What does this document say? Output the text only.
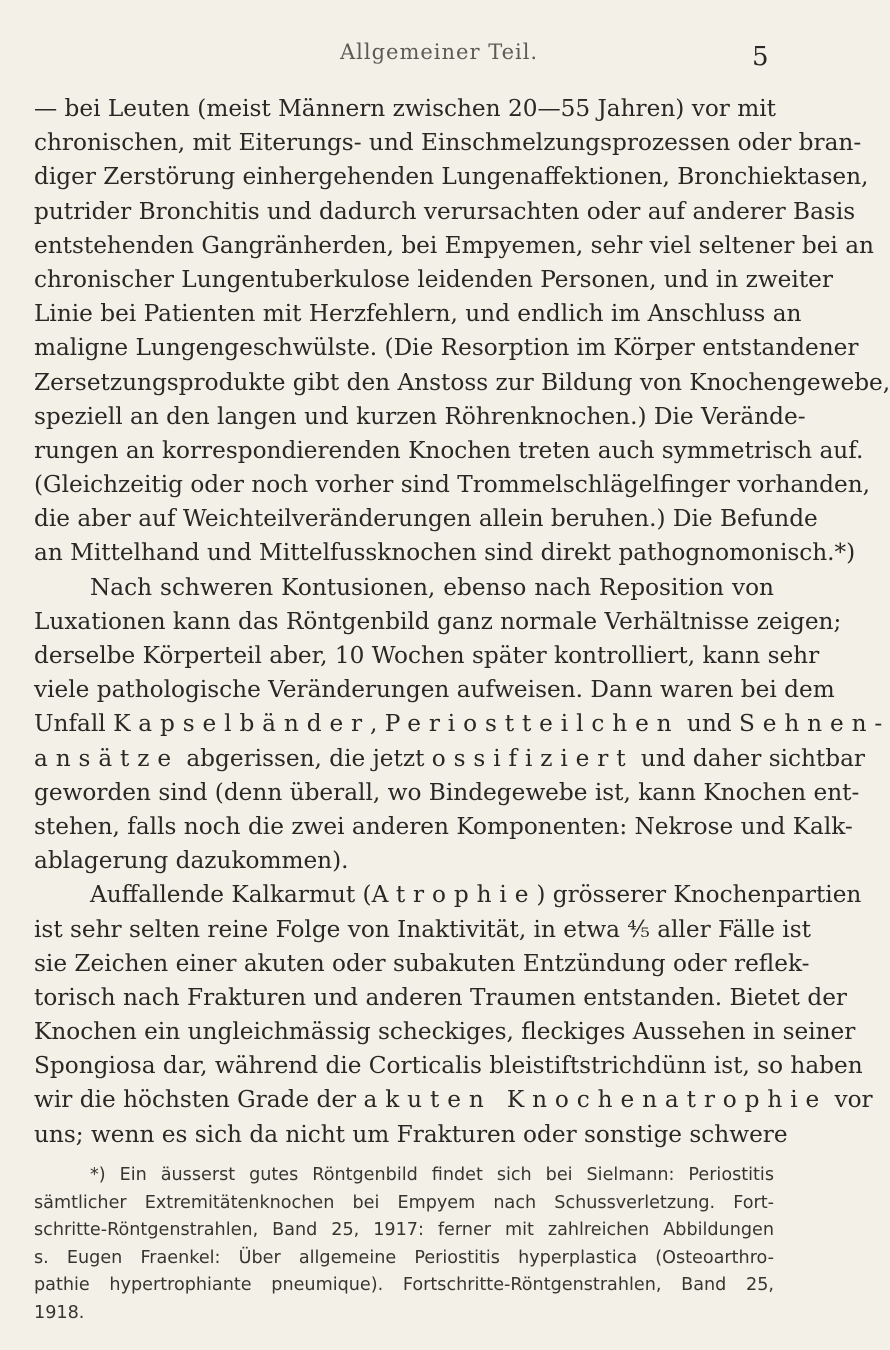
Allgemeiner Teil.	5
— bei Leuten (meist Männern zwischen 20—55 Jahren) vor mit
chronischen, mit Eiterungs- und Einschmelzungsprozessen oder bran-
diger Zerstörung einhergehenden Lungenaffektionen, Bronchiektasen,
putrider Bronchitis und dadurch verursachten oder auf anderer Basis
entstehenden Gangränherden, bei Empyemen, sehr viel seltener bei an
chronischer Lungentuberkulose leidenden Personen, und in zweiter
Linie bei Patienten mit Herzfehlern, und endlich im Anschluss an
maligne Lungengeschwülste. (Die Resorption im Körper entstandener
Zersetzungsprodukte gibt den Anstoss zur Bildung von Knochengewebe,
speziell an den langen und kurzen Röhrenknochen.) Die Verände-
rungen an korrespondierenden Knochen treten auch symmetrisch auf.
(Gleichzeitig oder noch vorher sind Trommelschlägelfinger vorhanden,
die aber auf Weichteilveränderungen allein beruhen.) Die Befunde
an Mittelhand und Mittelfussknochen sind direkt pathognomonisch.*)
Nach schweren Kontusionen, ebenso nach Reposition von
Luxationen kann das Röntgenbild ganz normale Verhältnisse zeigen;
derselbe Körperteil aber, 10 Wochen später kontrolliert, kann sehr
viele pathologische Veränderungen aufweisen. Dann waren bei dem
Unfall Kapselbänder, Periostteilchen und Sehnen-
ansätze abgerissen, die jetzt ossifiziert und daher sichtbar
geworden sind (denn überall, wo Bindegewebe ist, kann Knochen ent-
stehen, falls noch die zwei anderen Komponenten: Nekrose und Kalk-
ablagerung dazukommen).
Auffallende Kalkarmut (Atrophie) grösserer Knochenpartien
ist sehr selten reine Folge von Inaktivität, in etwa ⁴⁄₅ aller Fälle ist
sie Zeichen einer akuten oder subakuten Entzündung oder reflek-
torisch nach Frakturen und anderen Traumen entstanden. Bietet der
Knochen ein ungleichmässig scheckiges, fleckiges Aussehen in seiner
Spongiosa dar, während die Corticalis bleistiftstrichdünn ist, so haben
wir die höchsten Grade der akuten Knochenatrophie vor
uns; wenn es sich da nicht um Frakturen oder sonstige schwere
*) Ein äusserst gutes Röntgenbild findet sich bei Sielmann: Periostitis
sämtlicher Extremitätenknochen bei Empyem nach Schussverletzung. Fort-
schritte-Röntgenstrahlen, Band 25, 1917: ferner mit zahlreichen Abbildungen
s. Eugen Fraenkel: Über allgemeine Periostitis hyperplastica (Osteoarthro-
pathie hypertrophiante pneumique). Fortschritte-Röntgenstrahlen, Band 25,
1918.
